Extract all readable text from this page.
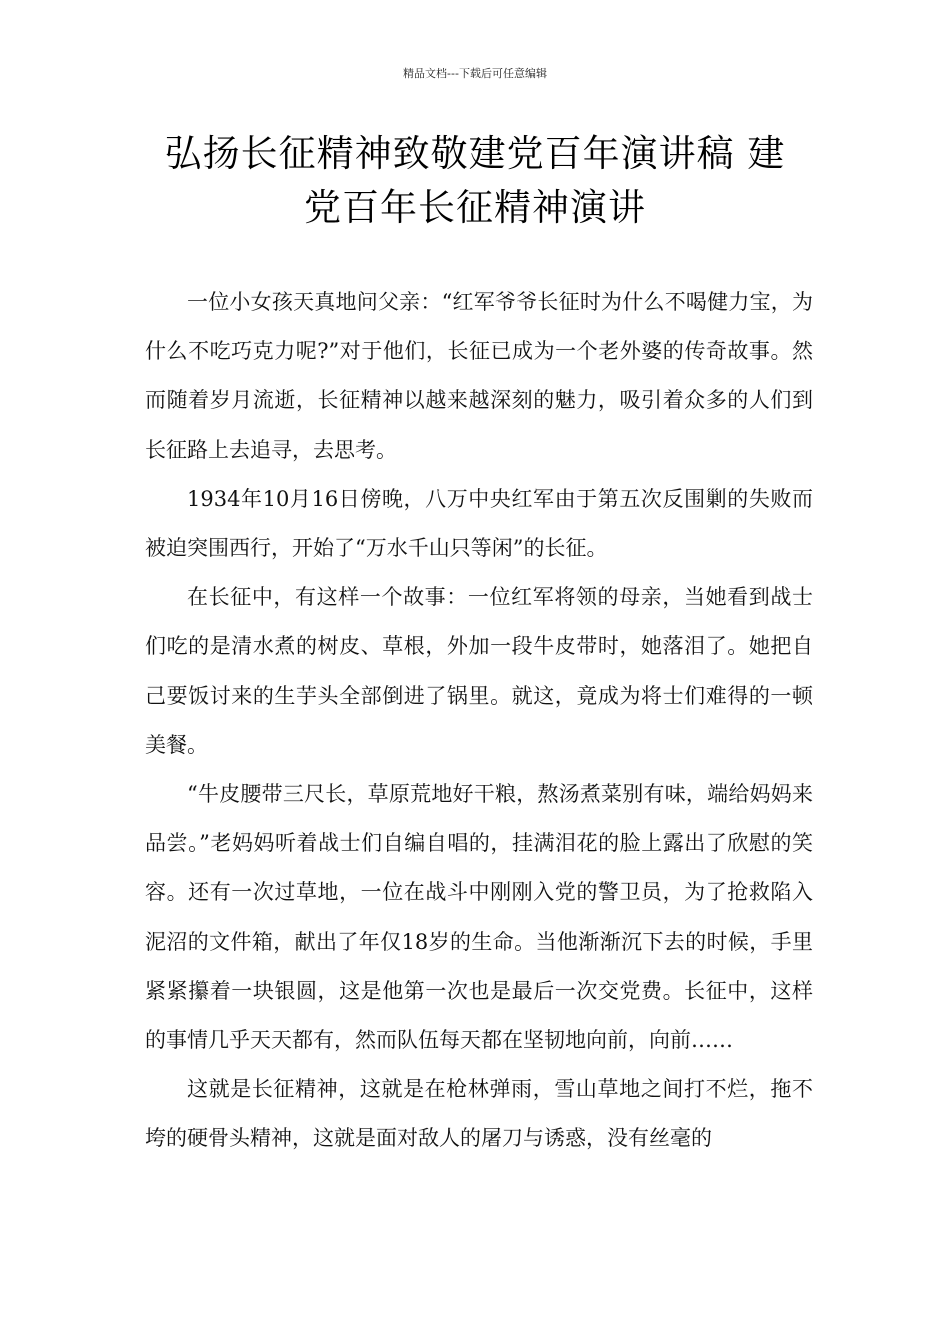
精品文档---下载后可任意编辑
弘扬长征精神致敬建党百年演讲稿 建
党百年长征精神演讲

一位小女孩天真地问父亲：“红军爷爷长征时为什么不喝健力宝，为什么不吃巧克力呢?”对于他们，长征已成为一个老外婆的传奇故事。然而随着岁月流逝，长征精神以越来越深刻的魅力，吸引着众多的人们到长征路上去追寻，去思考。

1934年10月16日傍晚，八万中央红军由于第五次反围剿的失败而被迫突围西行，开始了“万水千山只等闲”的长征。

在长征中，有这样一个故事：一位红军将领的母亲，当她看到战士们吃的是清水煮的树皮、草根，外加一段牛皮带时，她落泪了。她把自己要饭讨来的生芋头全部倒进了锅里。就这，竟成为将士们难得的一顿美餐。

“牛皮腰带三尺长，草原荒地好干粮，熬汤煮菜别有味，端给妈妈来品尝。”老妈妈听着战士们自编自唱的，挂满泪花的脸上露出了欣慰的笑容。还有一次过草地，一位在战斗中刚刚入党的警卫员，为了抢救陷入泥沼的文件箱，献出了年仅18岁的生命。当他渐渐沉下去的时候，手里紧紧攥着一块银圆，这是他第一次也是最后一次交党费。长征中，这样的事情几乎天天都有，然而队伍每天都在坚韧地向前，向前……

这就是长征精神，这就是在枪林弹雨，雪山草地之间打不烂，拖不垮的硬骨头精神，这就是面对敌人的屠刀与诱惑，没有丝毫的
